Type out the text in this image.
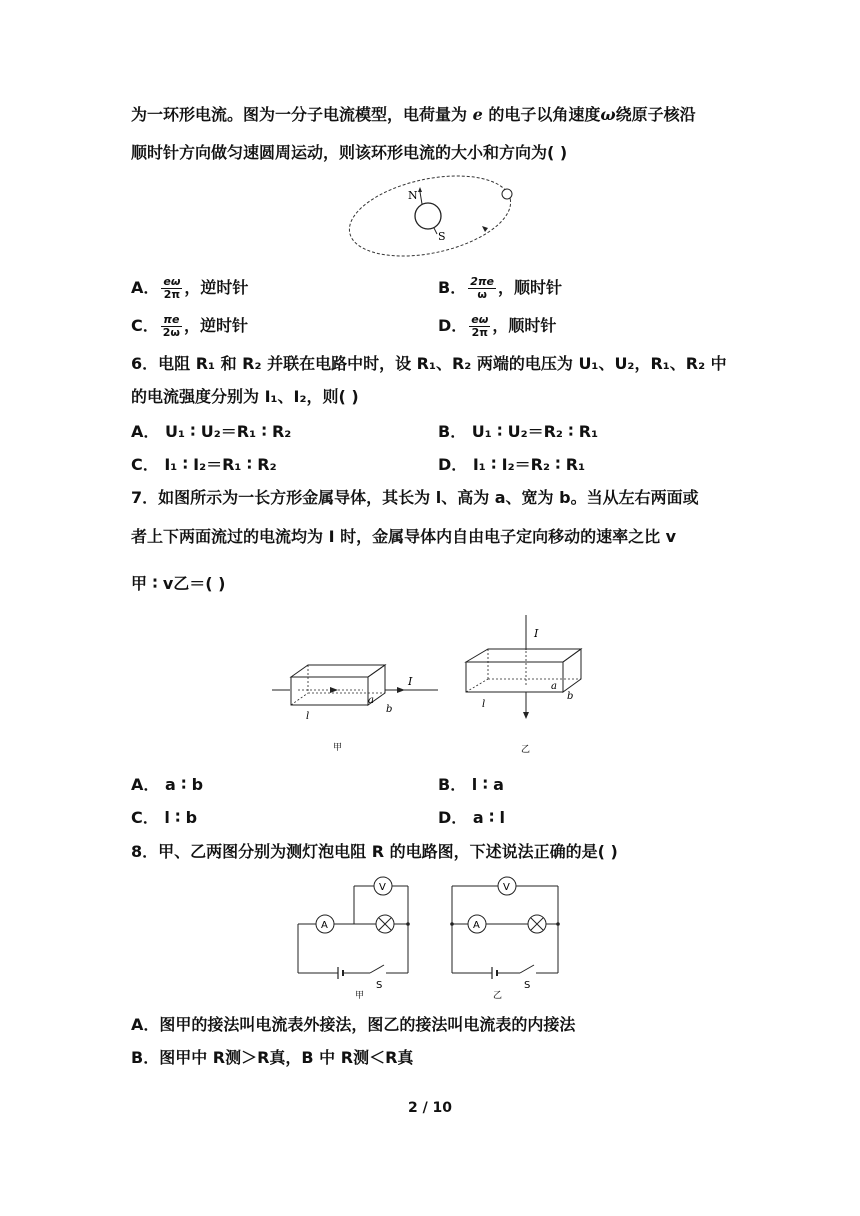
为一环形电流。图为一分子电流模型，电荷量为 e 的电子以角速度ω绕原子核沿
顺时针方向做匀速圆周运动，则该环形电流的大小和方向为( )
N
S
A． $\frac{e\omega}{2\pi}$ ，逆时针	B． $\frac{2\pi e}{\omega}$ ，顺时针
C． $\frac{\pi e}{2\omega}$ ，逆时针	D． $\frac{e\omega}{2\pi}$ ，顺时针
6．电阻 R₁ 和 R₂ 并联在电路中时，设 R₁、R₂ 两端的电压为 U₁、U₂，R₁、R₂ 中
的电流强度分别为 I₁、I₂，则( )
A． U₁ ∶ U₂＝R₁ ∶ R₂	B． U₁ ∶ U₂＝R₂ ∶ R₁
C． I₁ ∶ I₂＝R₁ ∶ R₂	D． I₁ ∶ I₂＝R₂ ∶ R₁
7．如图所示为一长方形金属导体，其长为 l、高为 a、宽为 b。当从左右两面或
者上下两面流过的电流均为 I 时，金属导体内自由电子定向移动的速率之比 v
甲 ∶ v乙＝( )
I
l
a
b
甲
I
l
a
b
乙
A． a ∶ b	B． l ∶ a
C． l ∶ b	D． a ∶ l
8．甲、乙两图分别为测灯泡电阻 R 的电路图，下述说法正确的是( )
A
V
S
甲
V
A
S
乙
A．图甲的接法叫电流表外接法，图乙的接法叫电流表的内接法
B．图甲中 R测＞R真，B 中 R测＜R真
2 / 10
